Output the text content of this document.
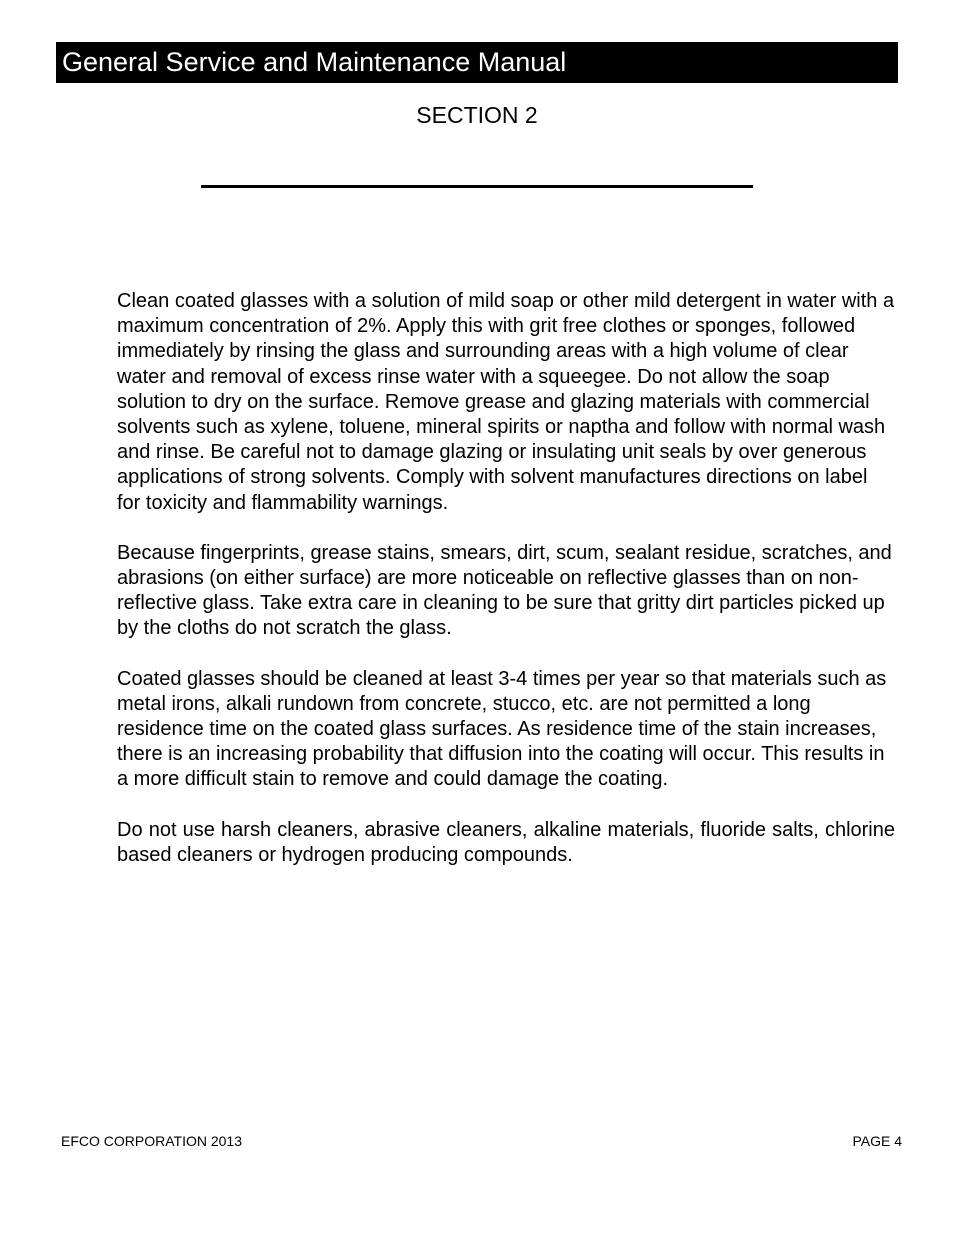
General Service and Maintenance Manual
SECTION 2

Clean coated glasses with a solution of mild soap or other mild detergent in water with a maximum concentration of 2%. Apply this with grit free clothes or sponges, followed immediately by rinsing the glass and surrounding areas with a high volume of clear water and removal of excess rinse water with a squeegee. Do not allow the soap solution to dry on the surface. Remove grease and glazing materials with commercial solvents such as xylene, toluene, mineral spirits or naptha and follow with normal wash and rinse. Be careful not to damage glazing or insulating unit seals by over generous applications of strong solvents. Comply with solvent manufactures directions on label for toxicity and flammability warnings.

Because fingerprints, grease stains, smears, dirt, scum, sealant residue, scratches, and abrasions (on either surface) are more noticeable on reflective glasses than on non-reflective glass. Take extra care in cleaning to be sure that gritty dirt particles picked up by the cloths do not scratch the glass.

Coated glasses should be cleaned at least 3-4 times per year so that materials such as metal irons, alkali rundown from concrete, stucco, etc. are not permitted a long residence time on the coated glass surfaces. As residence time of the stain increases, there is an increasing probability that diffusion into the coating will occur. This results in a more difficult stain to remove and could damage the coating.

Do not use harsh cleaners, abrasive cleaners, alkaline materials, fluoride salts, chlorine based cleaners or hydrogen producing compounds.

EFCO CORPORATION 2013	PAGE 4
